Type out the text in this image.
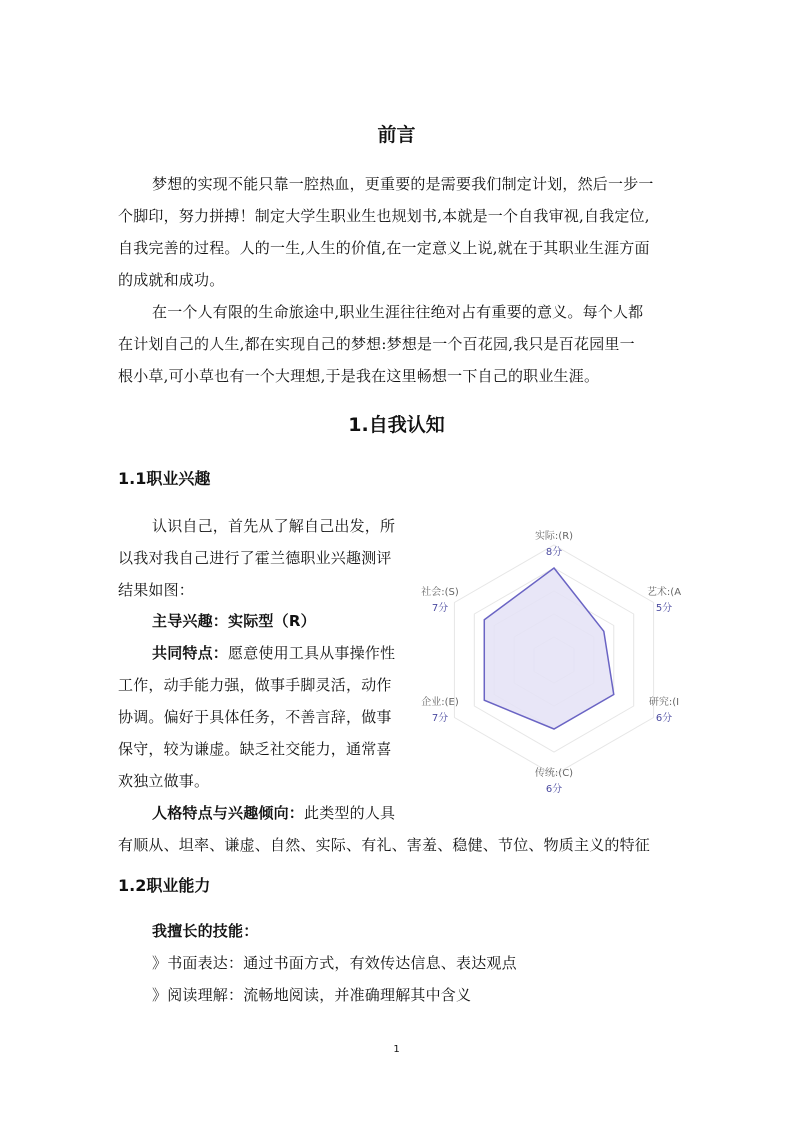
前言
梦想的实现不能只靠一腔热血，更重要的是需要我们制定计划，然后一步一
个脚印，努力拼搏！制定大学生职业生也规划书,本就是一个自我审视,自我定位,
自我完善的过程。人的一生,人生的价值,在一定意义上说,就在于其职业生涯方面
的成就和成功。
在一个人有限的生命旅途中,职业生涯往往绝对占有重要的意义。每个人都
在计划自己的人生,都在实现自己的梦想:梦想是一个百花园,我只是百花园里一
根小草,可小草也有一个大理想,于是我在这里畅想一下自己的职业生涯。
1.自我认知
1.1职业兴趣
认识自己，首先从了解自己出发，所
以我对我自己进行了霍兰德职业兴趣测评
结果如图：
主导兴趣：实际型（R）
共同特点：愿意使用工具从事操作性
工作，动手能力强，做事手脚灵活，动作
协调。偏好于具体任务，不善言辞，做事
保守，较为谦虚。缺乏社交能力，通常喜
欢独立做事。
人格特点与兴趣倾向：此类型的人具
有顺从、坦率、谦虚、自然、实际、有礼、害羞、稳健、节位、物质主义的特征
实际:(R)
8分
艺术:(A
5分
研究:(I
6分
传统:(C)
6分
企业:(E)
7分
社会:(S)
7分
1.2职业能力
我擅长的技能：
》书面表达：通过书面方式，有效传达信息、表达观点
》阅读理解：流畅地阅读，并准确理解其中含义
1
